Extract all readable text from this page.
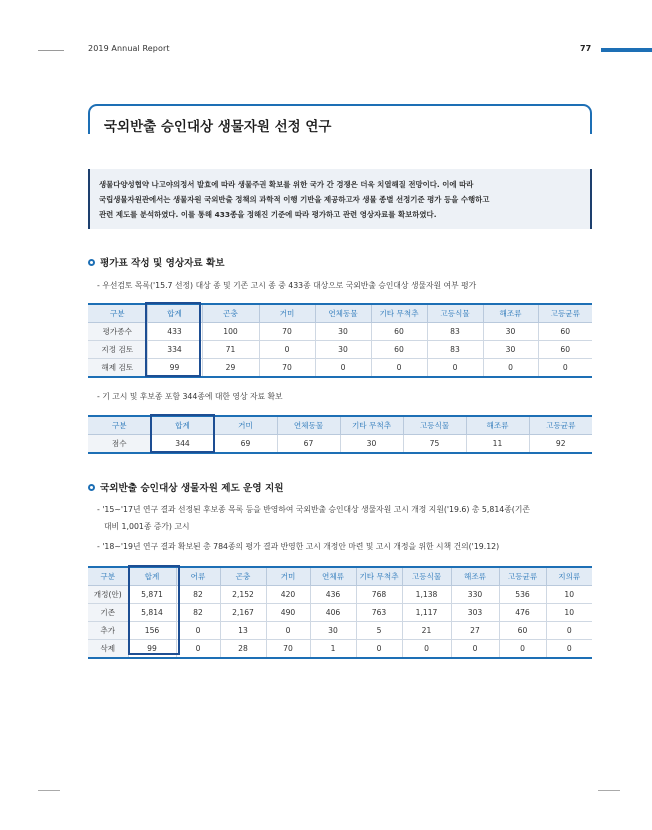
2019 Annual Report	77
국외반출 승인대상 생물자원 선정 연구
생물다양성협약 나고야의정서 발효에 따라 생물주권 확보를 위한 국가 간 경쟁은 더욱 치열해질 전망이다. 이에 따라
국립생물자원관에서는 생물자원 국외반출 정책의 과학적 이행 기반을 제공하고자 생물 종별 선정기준 평가 등을 수행하고
관련 제도를 분석하였다. 이를 통해 433종을 정해진 기준에 따라 평가하고 관련 영상자료를 확보하였다.
평가표 작성 및 영상자료 확보
- 우선검토 목록('15.7 선정) 대상 종 및 기존 고시 종 중 433종 대상으로 국외반출 승인대상 생물자원 여부 평가
구분	합계	곤충	거미	연체동물	기타 무척추	고등식물	해조류	고등균류
평가종수	433	100	70	30	60	83	30	60
지정 검토	334	71	0	30	60	83	30	60
해제 검토	99	29	70	0	0	0	0	0
- 기 고시 및 후보종 포함 344종에 대한 영상 자료 확보
구분	합계	거미	연체동물	기타 무척추	고등식물	해조류	고등균류
점수	344	69	67	30	75	11	92
국외반출 승인대상 생물자원 제도 운영 지원
- '15~'17년 연구 결과 선정된 후보종 목록 등을 반영하여 국외반출 승인대상 생물자원 고시 개정 지원('19.6) 총 5,814종(기존
대비 1,001종 증가) 고시
- '18~'19년 연구 결과 확보된 총 784종의 평가 결과 반영한 고시 개정안 마련 및 고시 개정을 위한 시책 건의('19.12)
구분	합계	어류	곤충	거미	연체류	기타 무척추	고등식물	해조류	고등균류	지의류
개정(안)	5,871	82	2,152	420	436	768	1,138	330	536	10
기존	5,814	82	2,167	490	406	763	1,117	303	476	10
추가	156	0	13	0	30	5	21	27	60	0
삭제	99	0	28	70	1	0	0	0	0	0
